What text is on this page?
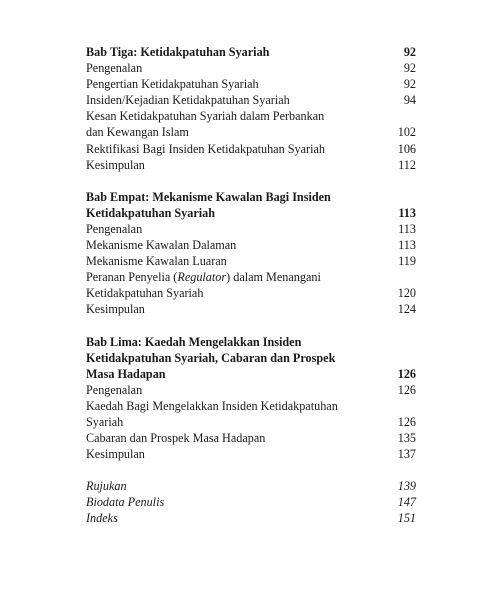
Bab Tiga: Ketidakpatuhan Syariah	92
Pengenalan	92
Pengertian Ketidakpatuhan Syariah	92
Insiden/Kejadian Ketidakpatuhan Syariah	94
Kesan Ketidakpatuhan Syariah dalam Perbankan
dan Kewangan Islam	102
Rektifikasi Bagi Insiden Ketidakpatuhan Syariah	106
Kesimpulan	112
Bab Empat: Mekanisme Kawalan Bagi Insiden
Ketidakpatuhan Syariah	113
Pengenalan	113
Mekanisme Kawalan Dalaman	113
Mekanisme Kawalan Luaran	119
Peranan Penyelia (Regulator) dalam Menangani
Ketidakpatuhan Syariah	120
Kesimpulan	124
Bab Lima: Kaedah Mengelakkan Insiden
Ketidakpatuhan Syariah, Cabaran dan Prospek
Masa Hadapan	126
Pengenalan	126
Kaedah Bagi Mengelakkan Insiden Ketidakpatuhan
Syariah	126
Cabaran dan Prospek Masa Hadapan	135
Kesimpulan	137
Rujukan	139
Biodata Penulis	147
Indeks	151
